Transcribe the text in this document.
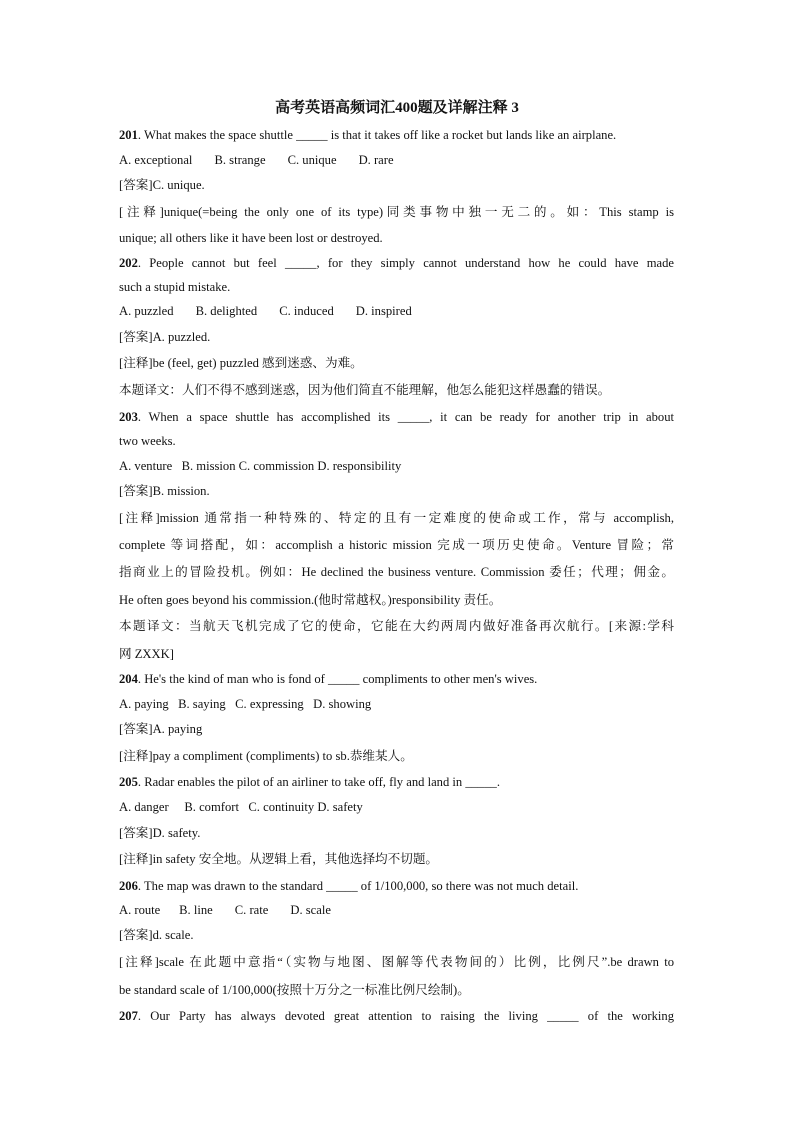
高考英语高频词汇400题及详解注释 3
201. What makes the space shuttle _____ is that it takes off like a rocket but lands like an airplane.
A. exceptional       B. strange       C. unique       D. rare
[答案]C. unique.
[注释]unique(=being the only one of its type)同类事物中独一无二的。如：This stamp is
unique; all others like it have been lost or destroyed.
202. People cannot but feel _____, for they simply cannot understand how he could have made
such a stupid mistake.
A. puzzled       B. delighted       C. induced       D. inspired
[答案]A. puzzled.
[注释]be (feel, get) puzzled 感到迷惑、为难。
本题译文：人们不得不感到迷惑，因为他们简直不能理解，他怎么能犯这样愚蠢的错误。
203. When a space shuttle has accomplished its _____, it can be ready for another trip in about
two weeks.
A. venture   B. mission C. commission D. responsibility
[答案]B. mission.
[注释]mission 通常指一种特殊的、特定的且有一定难度的使命或工作，常与 accomplish,
complete 等词搭配，如：accomplish a historic mission 完成一项历史使命。Venture 冒险；常
指商业上的冒险投机。例如：He declined the business venture. Commission 委任；代理；佣金。
He often goes beyond his commission.(他时常越权。)responsibility 责任。
本题译文：当航天飞机完成了它的使命，它能在大约两周内做好准备再次航行。[来源:学科
网 ZXXK]
204. He's the kind of man who is fond of _____ compliments to other men's wives.
A. paying   B. saying   C. expressing   D. showing
[答案]A. paying
[注释]pay a compliment (compliments) to sb.恭维某人。
205. Radar enables the pilot of an airliner to take off, fly and land in _____.
A. danger     B. comfort   C. continuity D. safety
[答案]D. safety.
[注释]in safety 安全地。从逻辑上看，其他选择均不切题。
206. The map was drawn to the standard _____ of 1/100,000, so there was not much detail.
A. route      B. line       C. rate       D. scale
[答案]d. scale.
[注释]scale 在此题中意指“（实物与地图、图解等代表物间的）比例，比例尺”.be drawn to
be standard scale of 1/100,000(按照十万分之一标准比例尺绘制)。
207. Our Party has always devoted great attention to raising the living _____ of the working
